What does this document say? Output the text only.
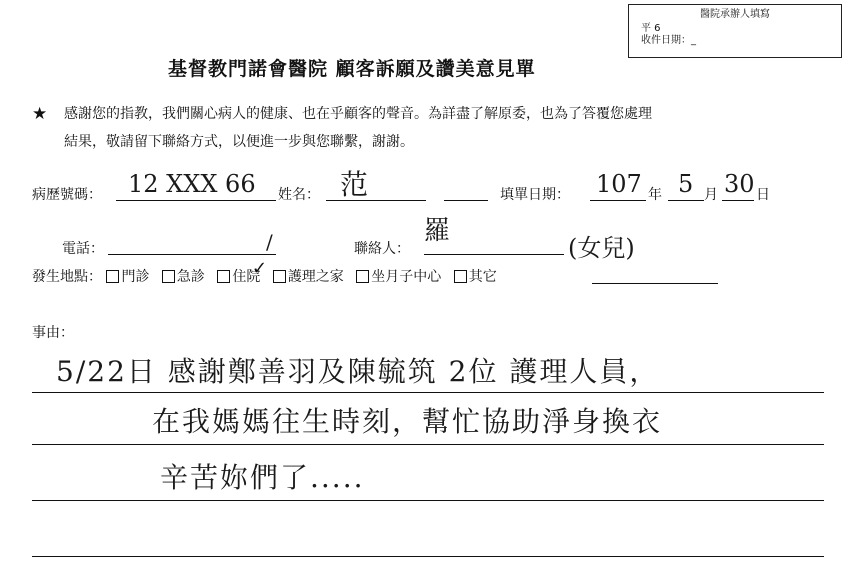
醫院承辦人填寫
平 6
收件日期：_
基督教門諾會醫院 顧客訴願及讚美意見單
★ 感謝您的指教，我們關心病人的健康、也在乎顧客的聲音。為詳盡了解原委，也為了答覆您處理
結果，敬請留下聯絡方式，以便進一步與您聯繫，謝謝。
病歷號碼： 12 XXX 66 姓名： 范	填單日期： 107 年 5 月 30 日
電話：	/	聯絡人：
羅
(女兒)
發生地點： 門診 急診 住院 護理之家 坐月子中心 其它
✓
事由：
5/22日 感謝鄭善羽及陳毓筑 2位 護理人員，
在我媽媽往生時刻，幫忙協助淨身換衣
辛苦妳們了.....
